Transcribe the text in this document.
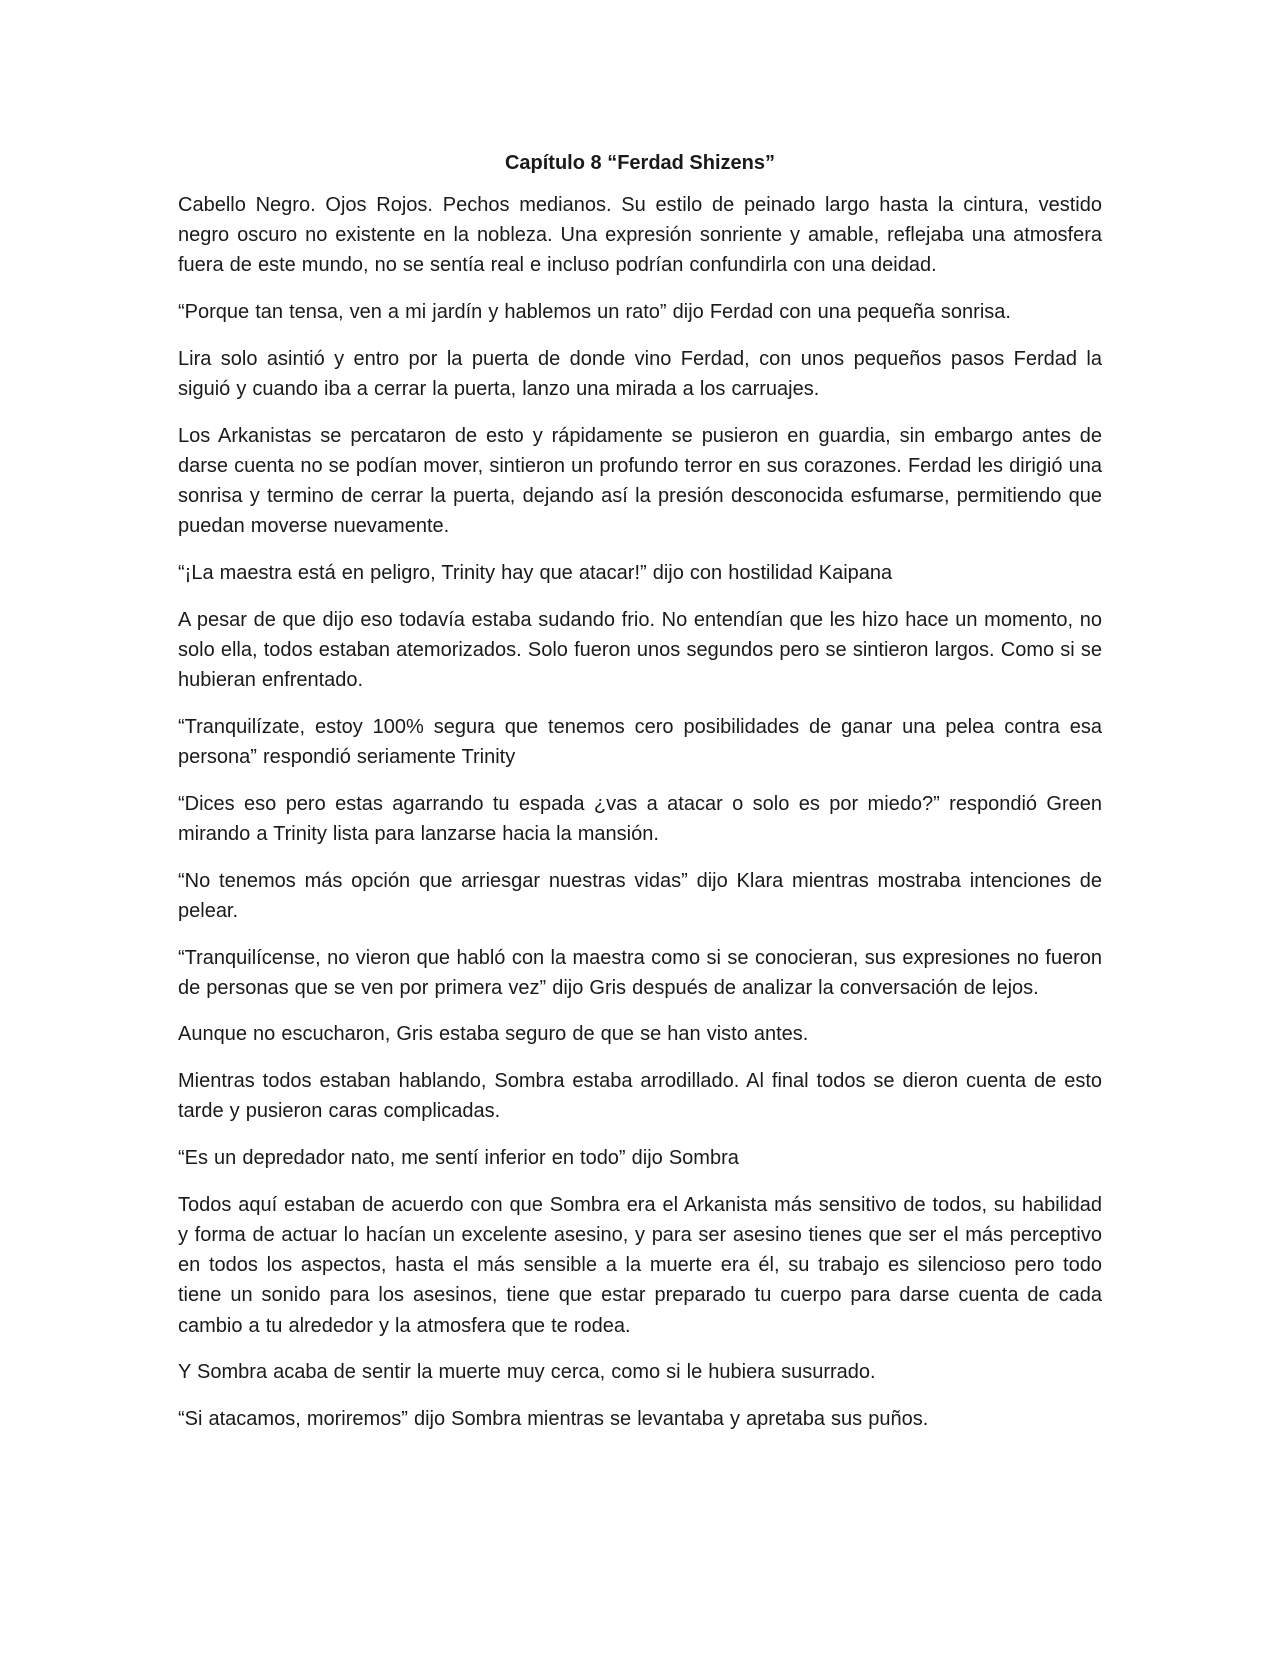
Capítulo 8 “Ferdad Shizens”

Cabello Negro. Ojos Rojos. Pechos medianos. Su estilo de peinado largo hasta la cintura, vestido negro oscuro no existente en la nobleza. Una expresión sonriente y amable, reflejaba una atmosfera fuera de este mundo, no se sentía real e incluso podrían confundirla con una deidad.

“Porque tan tensa, ven a mi jardín y hablemos un rato” dijo Ferdad con una pequeña sonrisa.

Lira solo asintió y entro por la puerta de donde vino Ferdad, con unos pequeños pasos Ferdad la siguió y cuando iba a cerrar la puerta, lanzo una mirada a los carruajes.

Los Arkanistas se percataron de esto y rápidamente se pusieron en guardia, sin embargo antes de darse cuenta no se podían mover, sintieron un profundo terror en sus corazones. Ferdad les dirigió una sonrisa y termino de cerrar la puerta, dejando así la presión desconocida esfumarse, permitiendo que puedan moverse nuevamente.

“¡La maestra está en peligro, Trinity hay que atacar!” dijo con hostilidad Kaipana

A pesar de que dijo eso todavía estaba sudando frio. No entendían que les hizo hace un momento, no solo ella, todos estaban atemorizados. Solo fueron unos segundos pero se sintieron largos. Como si se hubieran enfrentado.

“Tranquilízate, estoy 100% segura que tenemos cero posibilidades de ganar una pelea contra esa persona” respondió seriamente Trinity

“Dices eso pero estas agarrando tu espada ¿vas a atacar o solo es por miedo?” respondió Green mirando a Trinity lista para lanzarse hacia la mansión.

“No tenemos más opción que arriesgar nuestras vidas” dijo Klara mientras mostraba intenciones de pelear.

“Tranquilícense, no vieron que habló con la maestra como si se conocieran, sus expresiones no fueron de personas que se ven por primera vez” dijo Gris después de analizar la conversación de lejos.

Aunque no escucharon, Gris estaba seguro de que se han visto antes.

Mientras todos estaban hablando, Sombra estaba arrodillado. Al final todos se dieron cuenta de esto tarde y pusieron caras complicadas.

“Es un depredador nato, me sentí inferior en todo” dijo Sombra

Todos aquí estaban de acuerdo con que Sombra era el Arkanista más sensitivo de todos, su habilidad y forma de actuar lo hacían un excelente asesino, y para ser asesino tienes que ser el más perceptivo en todos los aspectos, hasta el más sensible a la muerte era él, su trabajo es silencioso pero todo tiene un sonido para los asesinos, tiene que estar preparado tu cuerpo para darse cuenta de cada cambio a tu alrededor y la atmosfera que te rodea.

Y Sombra acaba de sentir la muerte muy cerca, como si le hubiera susurrado.

“Si atacamos, moriremos” dijo Sombra mientras se levantaba y apretaba sus puños.
